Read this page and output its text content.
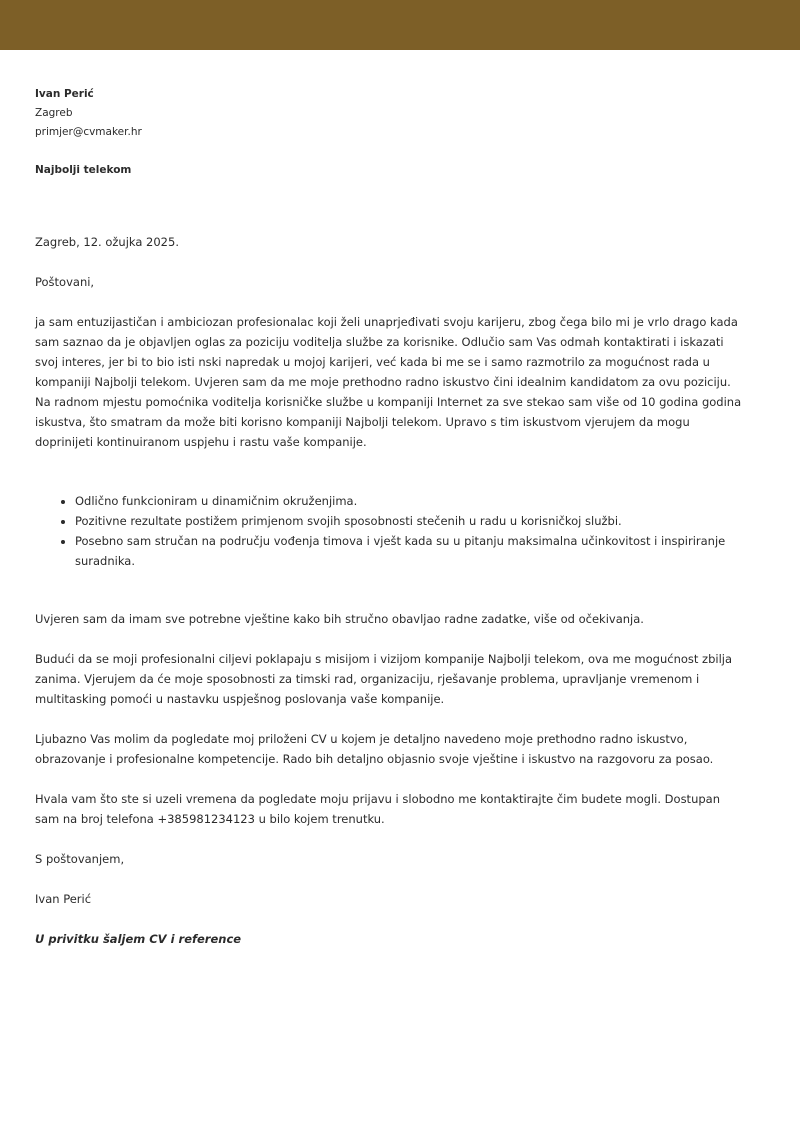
Ivan Perić

Zagreb

primjer@cvmaker.hr

Najbolji telekom

Zagreb, 12. ožujka 2025.

Poštovani,

ja sam entuzijastičan i ambiciozan profesionalac koji želi unaprjeđivati svoju karijeru, zbog čega bilo mi je vrlo drago kada sam saznao da je objavljen oglas za poziciju voditelja službe za korisnike. Odlučio sam Vas odmah kontaktirati i iskazati svoj interes, jer bi to bio isti nski napredak u mojoj karijeri, već kada bi me se i samo razmotrilo za mogućnost rada u kompaniji Najbolji telekom. Uvjeren sam da me moje prethodno radno iskustvo čini idealnim kandidatom za ovu poziciju. Na radnom mjestu pomoćnika voditelja korisničke službe u kompaniji Internet za sve stekao sam više od 10 godina godina iskustva, što smatram da može biti korisno kompaniji Najbolji telekom. Upravo s tim iskustvom vjerujem da mogu doprinijeti kontinuiranom uspjehu i rastu vaše kompanije.

• Odlično funkcioniram u dinamičnim okruženjima.
• Pozitivne rezultate postižem primjenom svojih sposobnosti stečenih u radu u korisničkoj službi.
• Posebno sam stručan na području vođenja timova i vješt kada su u pitanju maksimalna učinkovitost i inspiriranje suradnika.

Uvjeren sam da imam sve potrebne vještine kako bih stručno obavljao radne zadatke, više od očekivanja.

Budući da se moji profesionalni ciljevi poklapaju s misijom i vizijom kompanije Najbolji telekom, ova me mogućnost zbilja zanima. Vjerujem da će moje sposobnosti za timski rad, organizaciju, rješavanje problema, upravljanje vremenom i multitasking pomoći u nastavku uspješnog poslovanja vaše kompanije.

Ljubazno Vas molim da pogledate moj priloženi CV u kojem je detaljno navedeno moje prethodno radno iskustvo, obrazovanje i profesionalne kompetencije. Rado bih detaljno objasnio svoje vještine i iskustvo na razgovoru za posao.

Hvala vam što ste si uzeli vremena da pogledate moju prijavu i slobodno me kontaktirajte čim budete mogli. Dostupan sam na broj telefona +385981234123 u bilo kojem trenutku.

S poštovanjem,

Ivan Perić

U privitku šaljem CV i reference
